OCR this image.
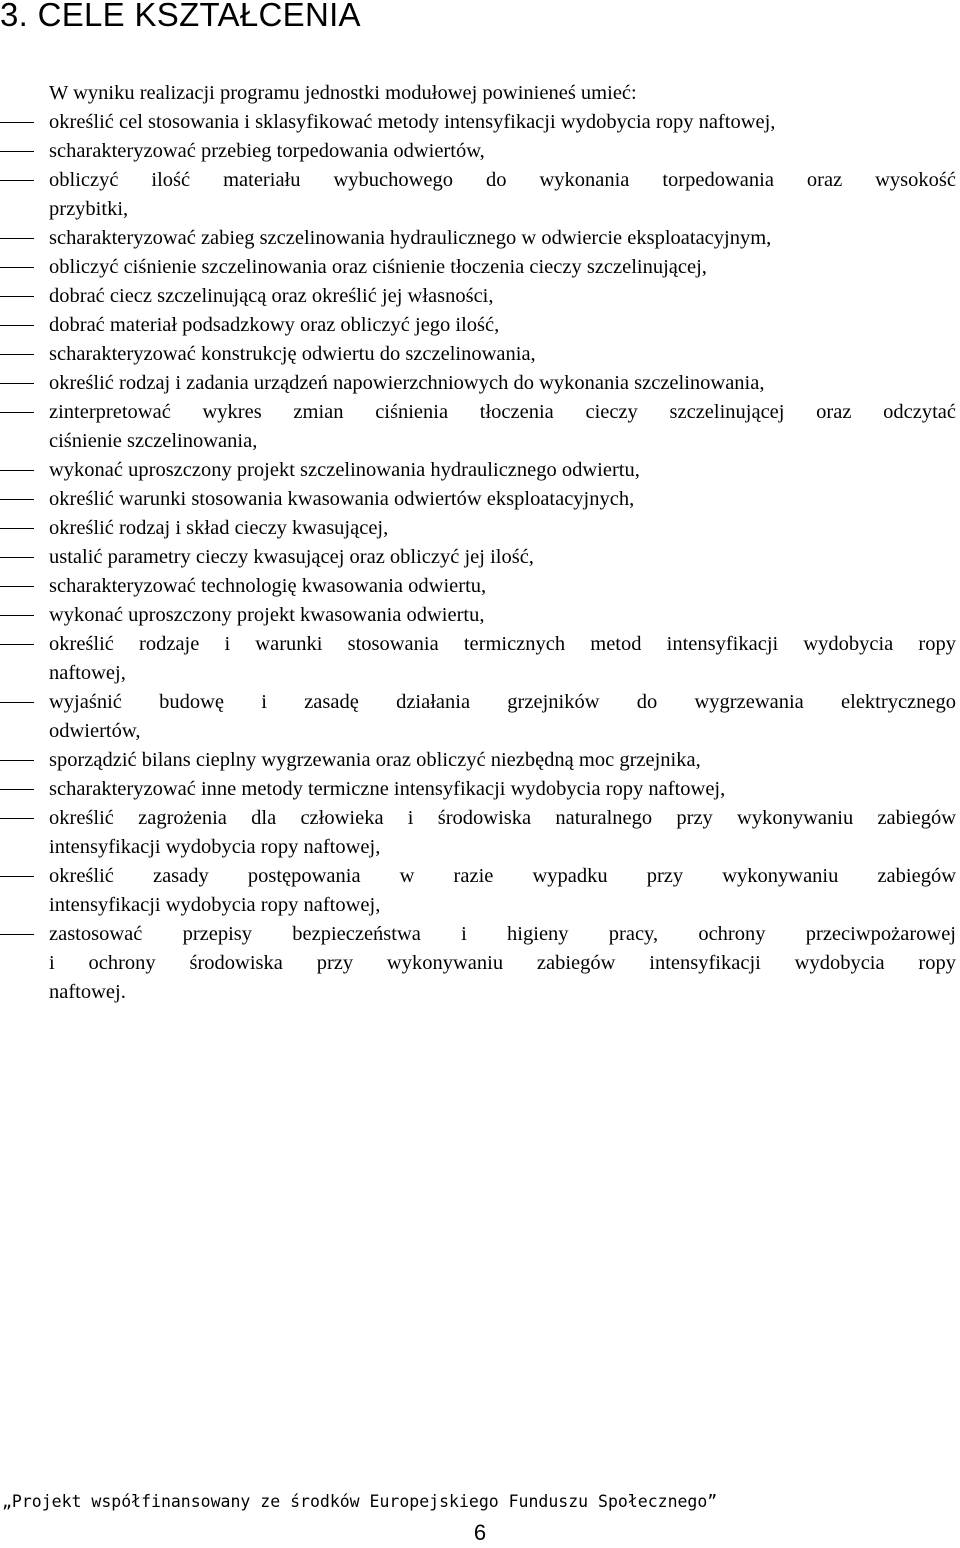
3. CELE KSZTAŁCENIA

W wyniku realizacji programu jednostki modułowej powinieneś umieć:

określić cel stosowania i sklasyfikować metody intensyfikacji wydobycia ropy naftowej,
scharakteryzować przebieg torpedowania odwiertów,
obliczyć ilość materiału wybuchowego do wykonania torpedowania oraz wysokość
przybitki,
scharakteryzować zabieg szczelinowania hydraulicznego w odwiercie eksploatacyjnym,
obliczyć ciśnienie szczelinowania oraz ciśnienie tłoczenia cieczy szczelinującej,
dobrać ciecz szczelinującą oraz określić jej własności,
dobrać materiał podsadzkowy oraz obliczyć jego ilość,
scharakteryzować konstrukcję odwiertu do szczelinowania,
określić rodzaj i zadania urządzeń napowierzchniowych do wykonania szczelinowania,
zinterpretować wykres zmian ciśnienia tłoczenia cieczy szczelinującej oraz odczytać
ciśnienie szczelinowania,
wykonać uproszczony projekt szczelinowania hydraulicznego odwiertu,
określić warunki stosowania kwasowania odwiertów eksploatacyjnych,
określić rodzaj i skład cieczy kwasującej,
ustalić parametry cieczy kwasującej oraz obliczyć jej ilość,
scharakteryzować technologię kwasowania odwiertu,
wykonać uproszczony projekt kwasowania odwiertu,
określić rodzaje i warunki stosowania termicznych metod intensyfikacji wydobycia ropy
naftowej,
wyjaśnić budowę i zasadę działania grzejników do wygrzewania elektrycznego
odwiertów,
sporządzić bilans cieplny wygrzewania oraz obliczyć niezbędną moc grzejnika,
scharakteryzować inne metody termiczne intensyfikacji wydobycia ropy naftowej,
określić zagrożenia dla człowieka i środowiska naturalnego przy wykonywaniu zabiegów
intensyfikacji wydobycia ropy naftowej,
określić zasady postępowania w razie wypadku przy wykonywaniu zabiegów
intensyfikacji wydobycia ropy naftowej,
zastosować przepisy bezpieczeństwa i higieny pracy, ochrony przeciwpożarowej
i ochrony środowiska przy wykonywaniu zabiegów intensyfikacji wydobycia ropy
naftowej.
„Projekt współfinansowany ze środków Europejskiego Funduszu Społecznego”
6
